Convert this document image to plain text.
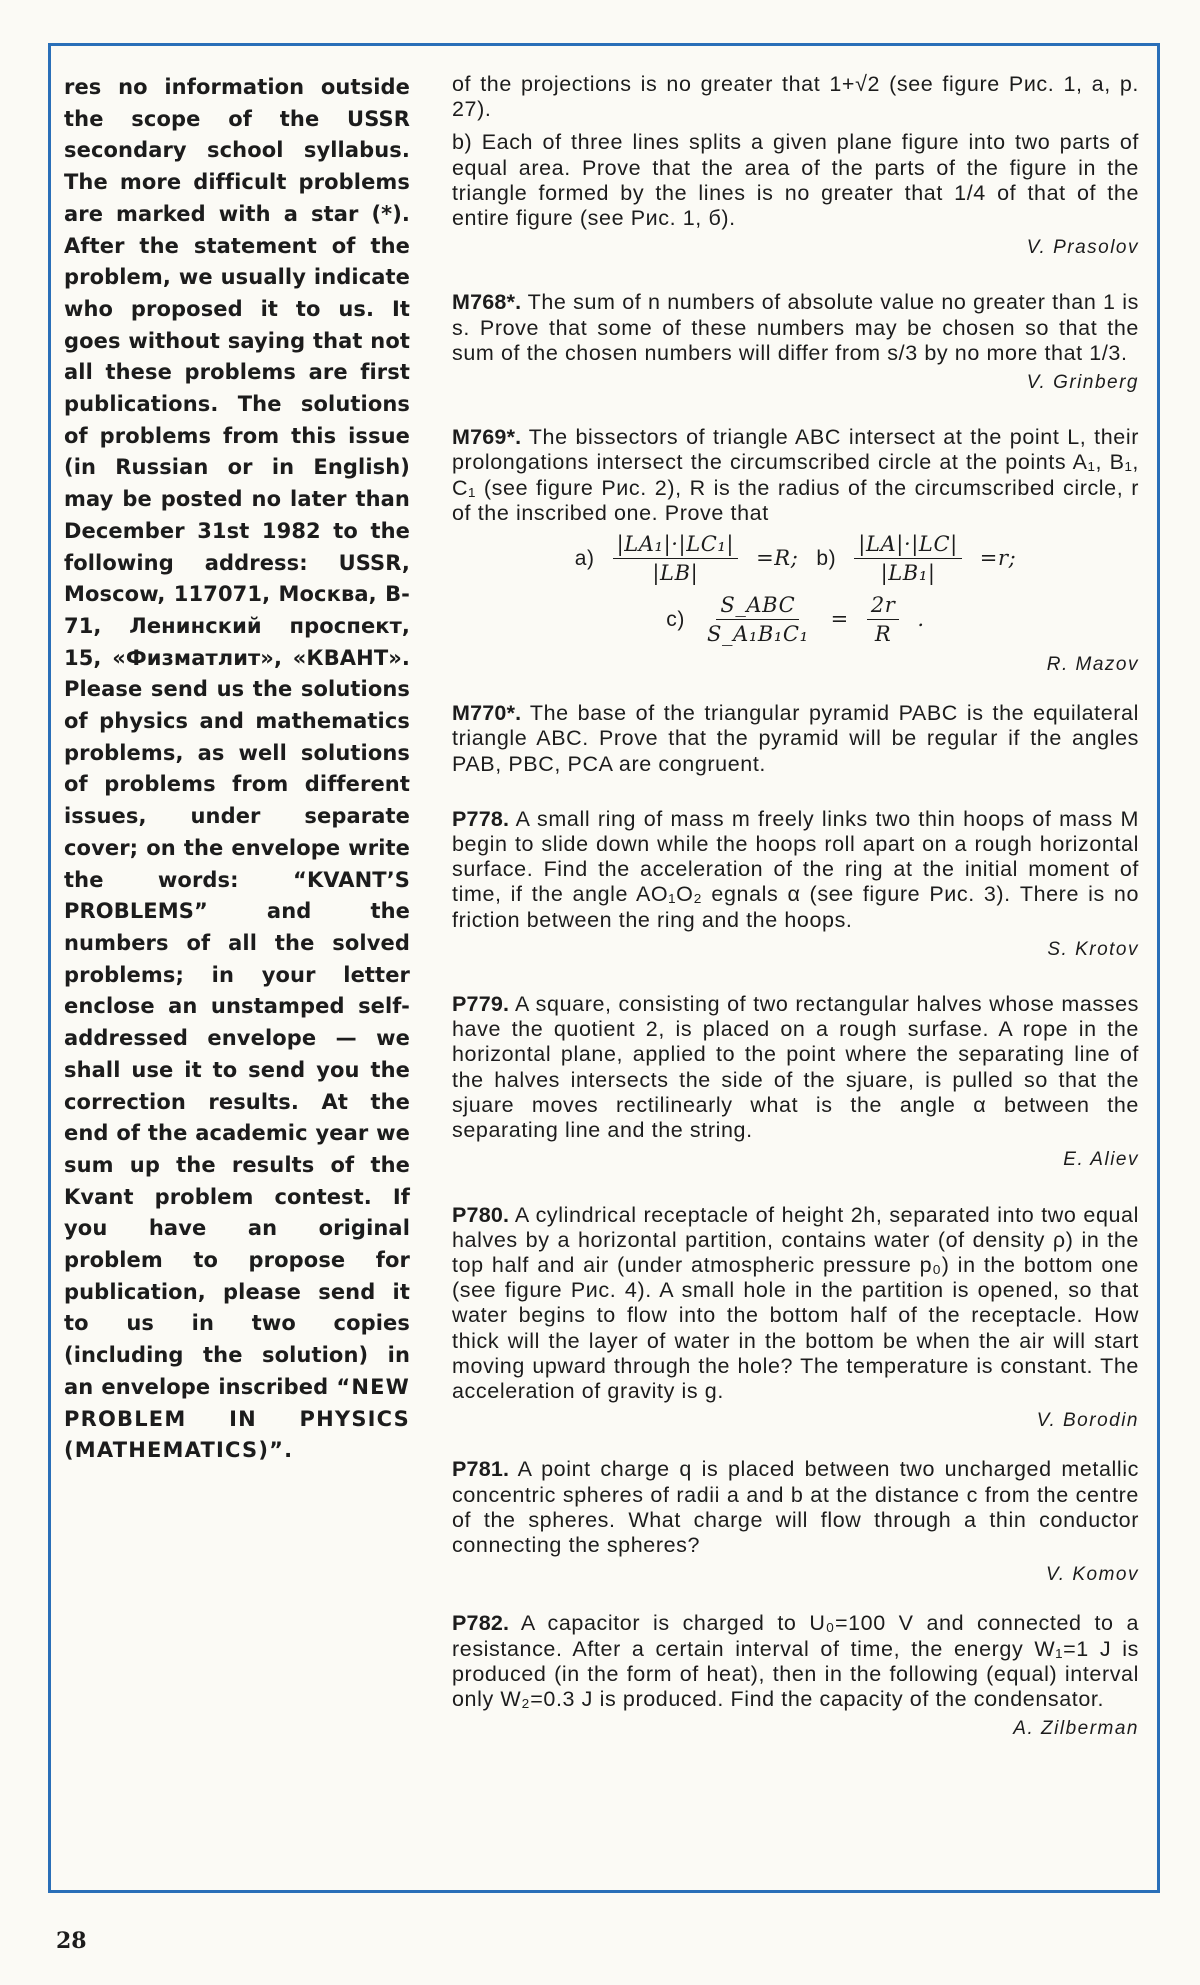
res no information outside the scope of the USSR secondary school syllabus. The more difficult problems are marked with a star (*). After the statement of the problem, we usually indicate who proposed it to us. It goes without saying that not all these problems are first publications. The solutions of problems from this issue (in Russian or in English) may be posted no later than December 31st 1982 to the following address: USSR, Moscow, 117071, Москва, B-71, Ленинский проспект, 15, «Физматлит», «КВАНТ». Please send us the solutions of physics and mathematics problems, as well solutions of problems from different issues, under separate cover; on the envelope write the words: “KVANT’S PROBLEMS” and the numbers of all the solved problems; in your letter enclose an unstamped self-addressed envelope — we shall use it to send you the correction results. At the end of the academic year we sum up the results of the Kvant problem contest. If you have an original problem to propose for publication, please send it to us in two copies (including the solution) in an envelope inscribed “NEW PROBLEM IN PHYSICS (MATHEMATICS)”.

of the projections is no greater that 1+√2 (see figure Рис. 1, a, p. 27).

b) Each of three lines splits a given plane figure into two parts of equal area. Prove that the area of the parts of the figure in the triangle formed by the lines is no greater that 1/4 of that of the entire figure (see Рис. 1, б).

V. Prasolov

M768*. The sum of n numbers of absolute value no greater than 1 is s. Prove that some of these numbers may be chosen so that the sum of the chosen numbers will differ from s/3 by no more that 1/3.

V. Grinberg

M769*. The bissectors of triangle ABC intersect at the point L, their prolongations intersect the circumscribed circle at the points A₁, B₁, C₁ (see figure Рис. 2), R is the radius of the circumscribed circle, r of the inscribed one. Prove that

$a) \frac{\text{|LA₁|·|LC₁|}}{|LB|} =R$; $b) \frac{|LA|\cdot|LC|}{\text{|LB₁|}} =r$;
$c) \frac{\text{S\_ABC}}{\text{S\_A₁B₁C₁}} = \frac{2r}{R}$ .
R. Mazov

M770*. The base of the triangular pyramid PABC is the equilateral triangle ABC. Prove that the pyramid will be regular if the angles PAB, PBC, PCA are congruent.

P778. A small ring of mass m freely links two thin hoops of mass M begin to slide down while the hoops roll apart on a rough horizontal surface. Find the acceleration of the ring at the initial moment of time, if the angle AO₁O₂ egnals α (see figure Рис. 3). There is no friction between the ring and the hoops.

S. Krotov

P779. A square, consisting of two rectangular halves whose masses have the quotient 2, is placed on a rough surfase. A rope in the horizontal plane, applied to the point where the separating line of the halves intersects the side of the sjuare, is pulled so that the sjuare moves rectilinearly what is the angle α between the separating line and the string.

E. Aliev

P780. A cylindrical receptacle of height 2h, separated into two equal halves by a horizontal partition, contains water (of density ρ) in the top half and air (under atmospheric pressure p₀) in the bottom one (see figure Рис. 4). A small hole in the partition is opened, so that water begins to flow into the bottom half of the receptacle. How thick will the layer of water in the bottom be when the air will start moving upward through the hole? The temperature is constant. The acceleration of gravity is g.

V. Borodin

P781. A point charge q is placed between two uncharged metallic concentric spheres of radii a and b at the distance c from the centre of the spheres. What charge will flow through a thin conductor connecting the spheres?

V. Komov

P782. A capacitor is charged to U₀=100 V and connected to a resistance. After a certain interval of time, the energy W₁=1 J is produced (in the form of heat), then in the following (equal) interval only W₂=0.3 J is produced. Find the capacity of the condensator.

A. Zilberman
28
